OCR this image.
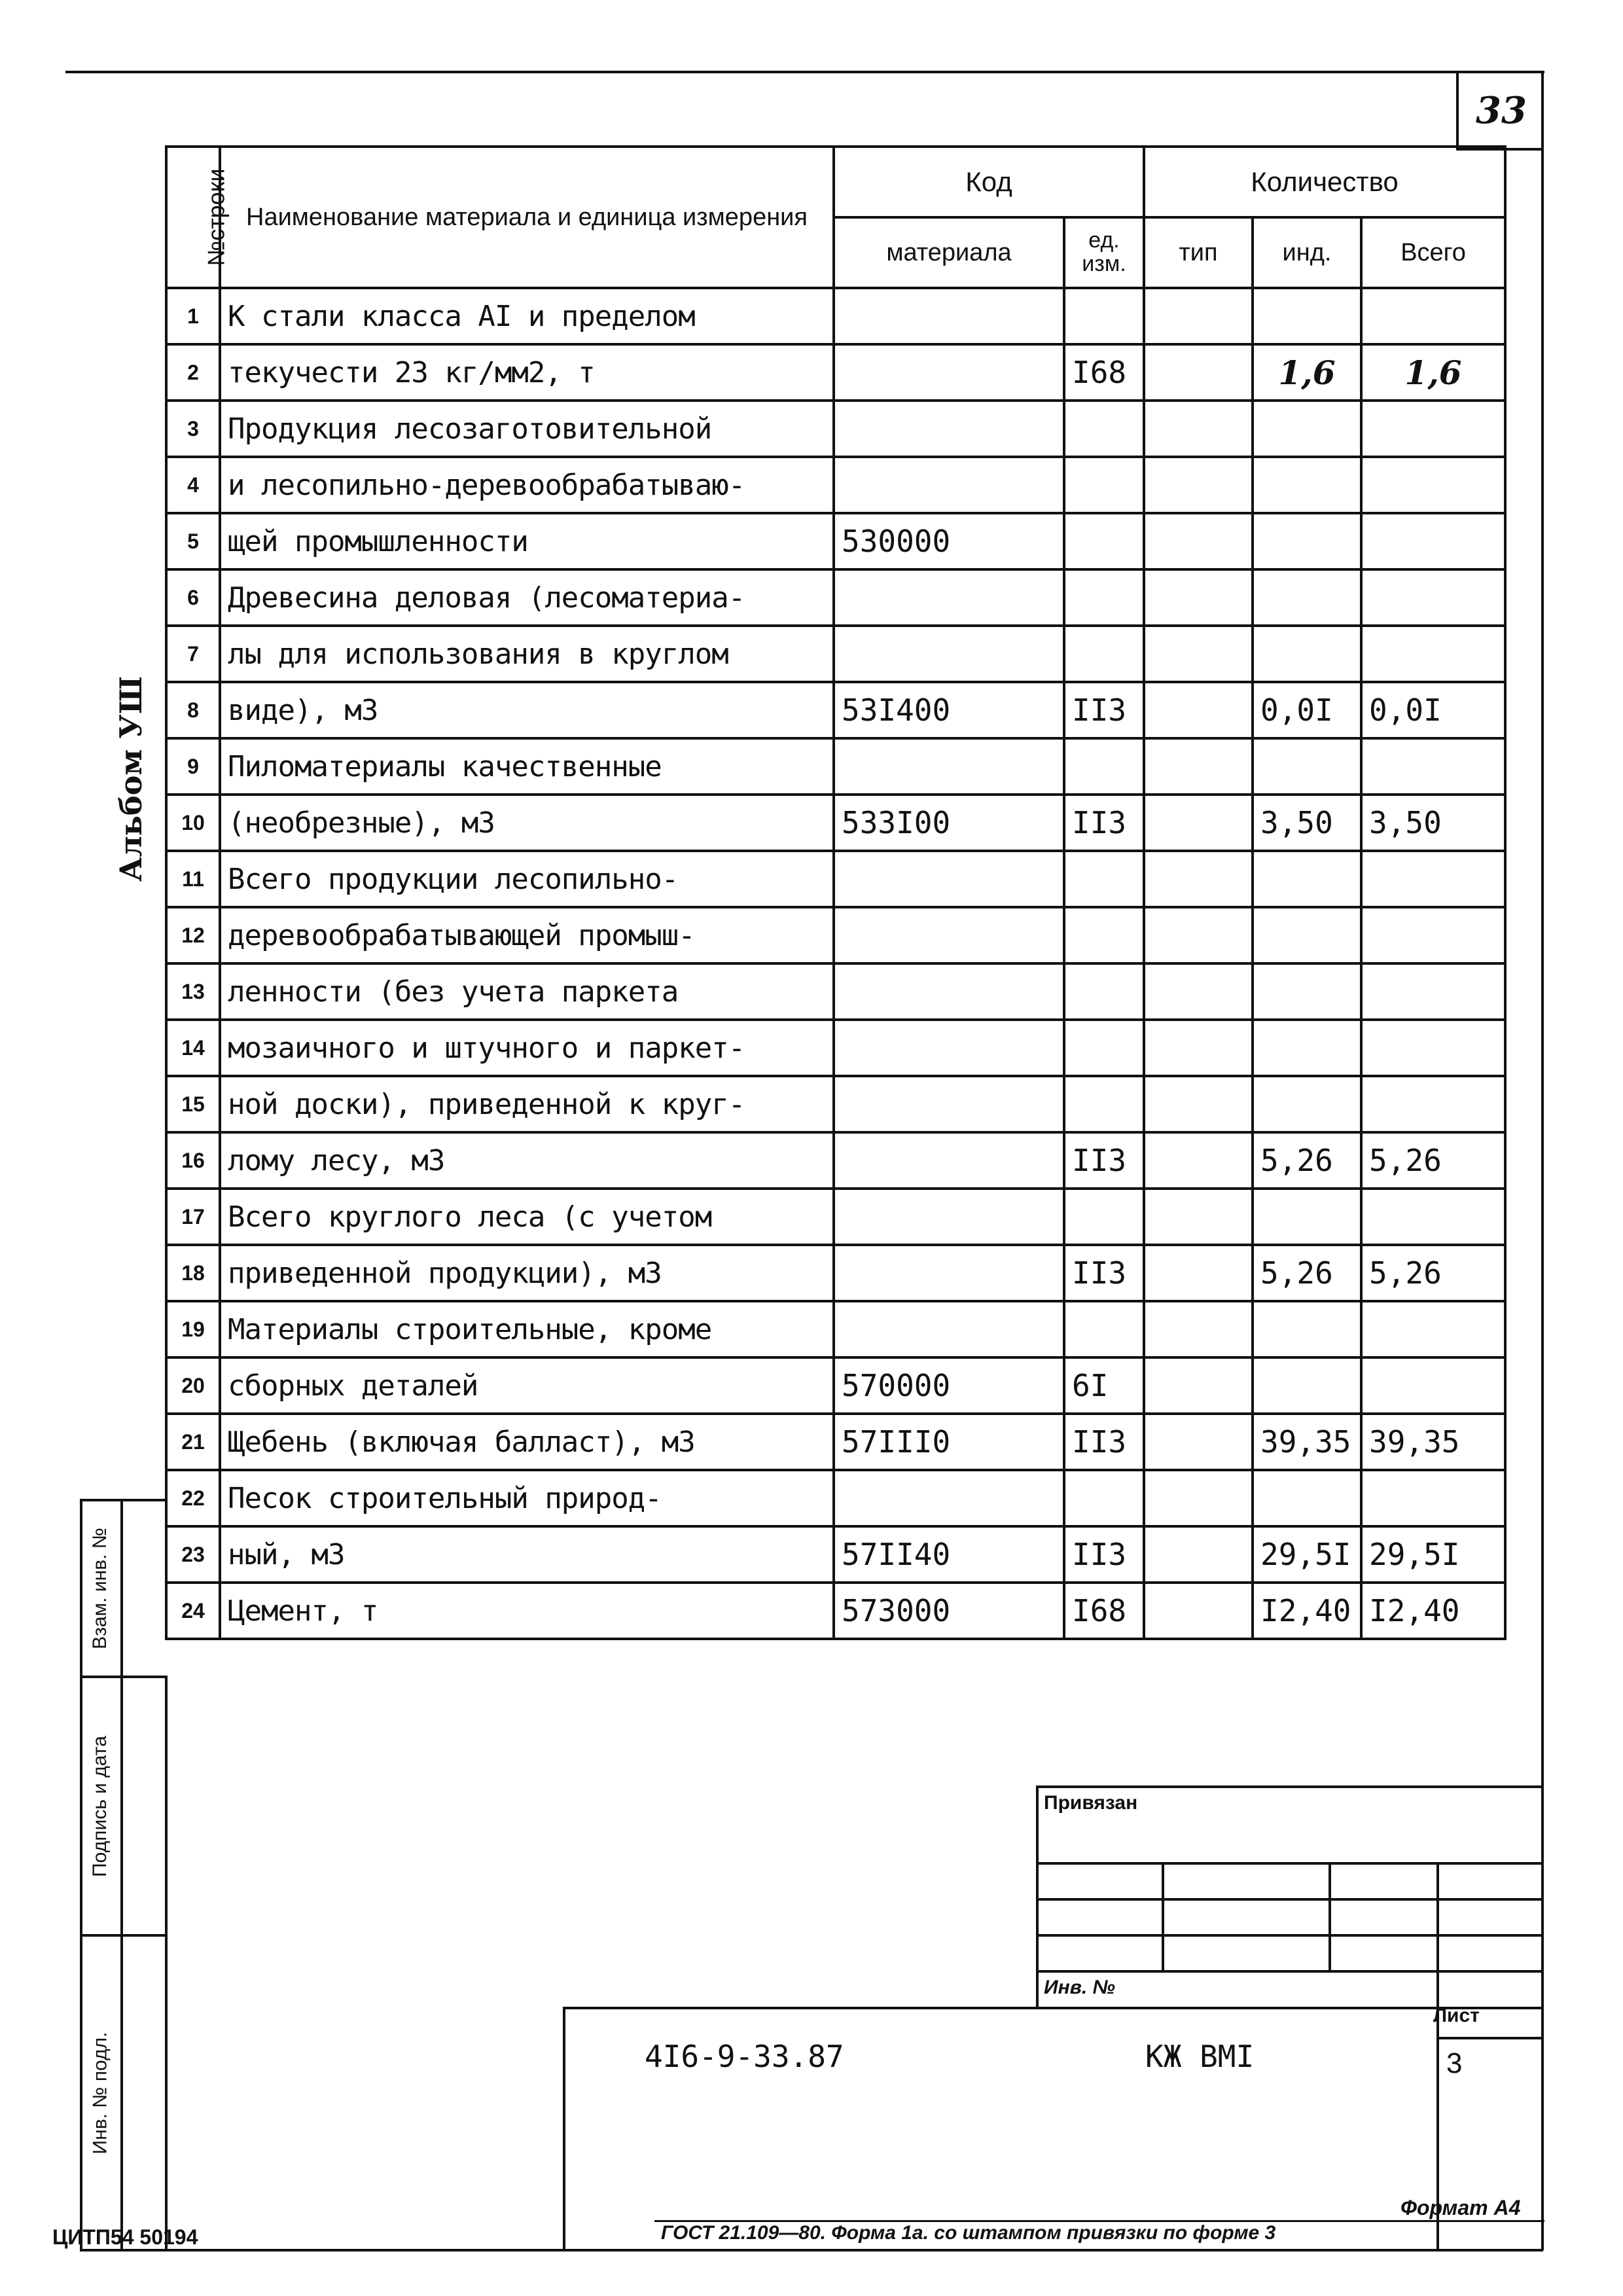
33
Альбом УШ
№строки	Наименование материала и единица измерения	Код		Количество		
		материала	ед. изм.	тип	инд.	Всего
1	К стали класса АI и пределом					
2	текучести 23 кг/мм2, т		I68		1,6	1,6
3	Продукция лесозаготовительной					
4	и лесопильно-деревообрабатываю-					
5	щей промышленности	530000				
6	Древесина деловая (лесоматериа-					
7	лы для использования в круглом					
8	виде), м3	53I400	II3		0,0I	0,0I
9	Пиломатериалы качественные					
10	(необрезные), м3	533I00	II3		3,50	3,50
11	Всего продукции лесопильно-					
12	деревообрабатывающей промыш-					
13	ленности (без учета паркета					
14	мозаичного и штучного и паркет-					
15	ной доски), приведенной к круг-					
16	лому лесу, м3		II3		5,26	5,26
17	Всего круглого леса (с учетом					
18	приведенной продукции), м3		II3		5,26	5,26
19	Материалы строительные, кроме					
20	сборных деталей	570000	6I			
21	Щебень (включая балласт), м3	57III0	II3		39,35	39,35
22	Песок строительный природ-					
23	ный, м3	57II40	II3		29,5I	29,5I
24	Цемент, т	573000	I68		I2,40	I2,40
Взам. инв. №
Подпись и дата
Инв. № подл.
Привязан
Инв. №
4I6-9-33.87	КЖ ВМI
Лист
3
Формат А4
ЦИТП54 50194	ГОСТ 21.109—80. Форма 1а. со штампом привязки по форме 3
